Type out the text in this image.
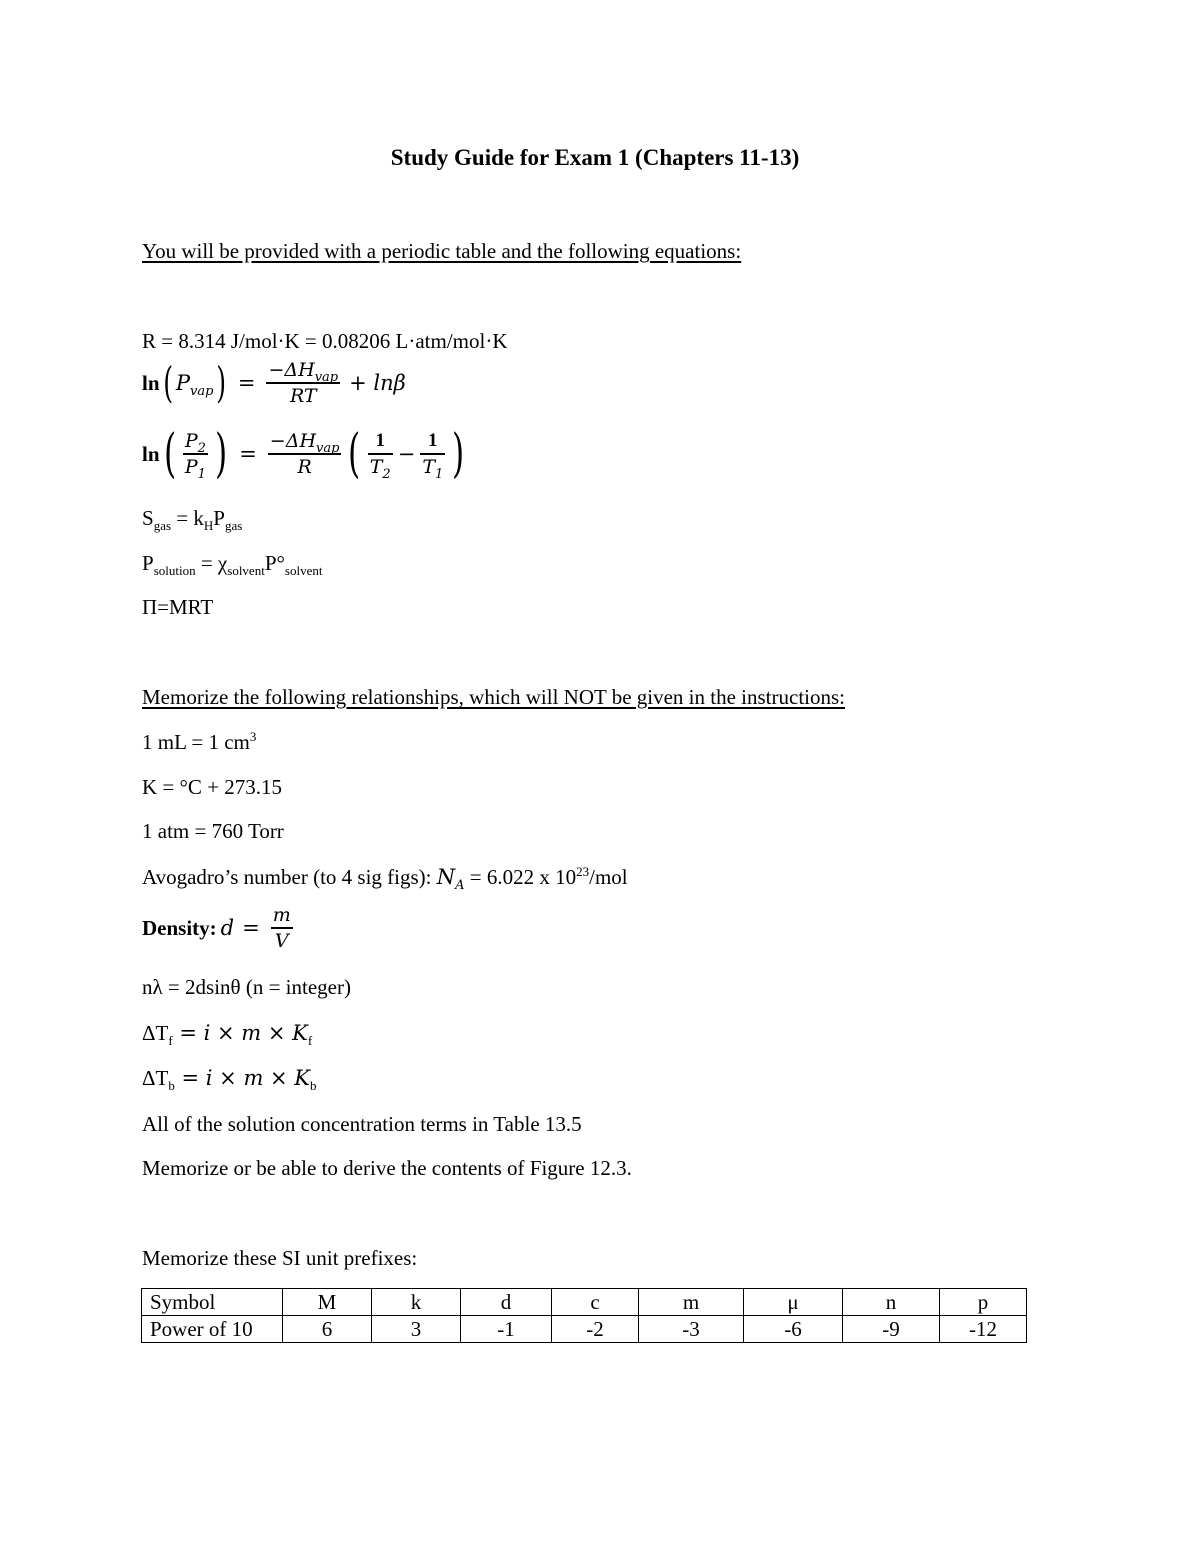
Study Guide for Exam 1 (Chapters 11-13)
You will be provided with a periodic table and the following equations:
R = 8.314 J/mol·K = 0.08206 L·atm/mol·K
ln ( $P_{vap}$ ) = $\frac{-\Delta H_{vap}}{RT} + \ln\beta$
ln ( $\frac{P_2}{P_1}$ ) = $\frac{-\Delta H_{vap}}{R}$ ( $\frac{1}{T_2} - \frac{1}{T_1}$ )
$S_{gas} = k_HP_{gas}$
$P_{solution} = \chi_{solvent}P^\circ_{solvent}$
Π=MRT
Memorize the following relationships, which will NOT be given in the instructions:
1 mL = 1 $cm^3$
K = °C + 273.15
1 atm = 760 Torr
Avogadro’s number (to 4 sig figs): $N_A = 6.022$ x $10^{23}$/mol
Density: $d = \frac{m}{V}$
nλ = 2dsinθ (n = integer)
$\Delta T_f = i \times m \times K_f$
$\Delta T_b = i \times m \times K_b$
All of the solution concentration terms in Table 13.5
Memorize or be able to derive the contents of Figure 12.3.
Memorize these SI unit prefixes:
Symbol	M	k	d	c	m	μ	n	p
Power of 10	6	3	-1	-2	-3	-6	-9	-12
